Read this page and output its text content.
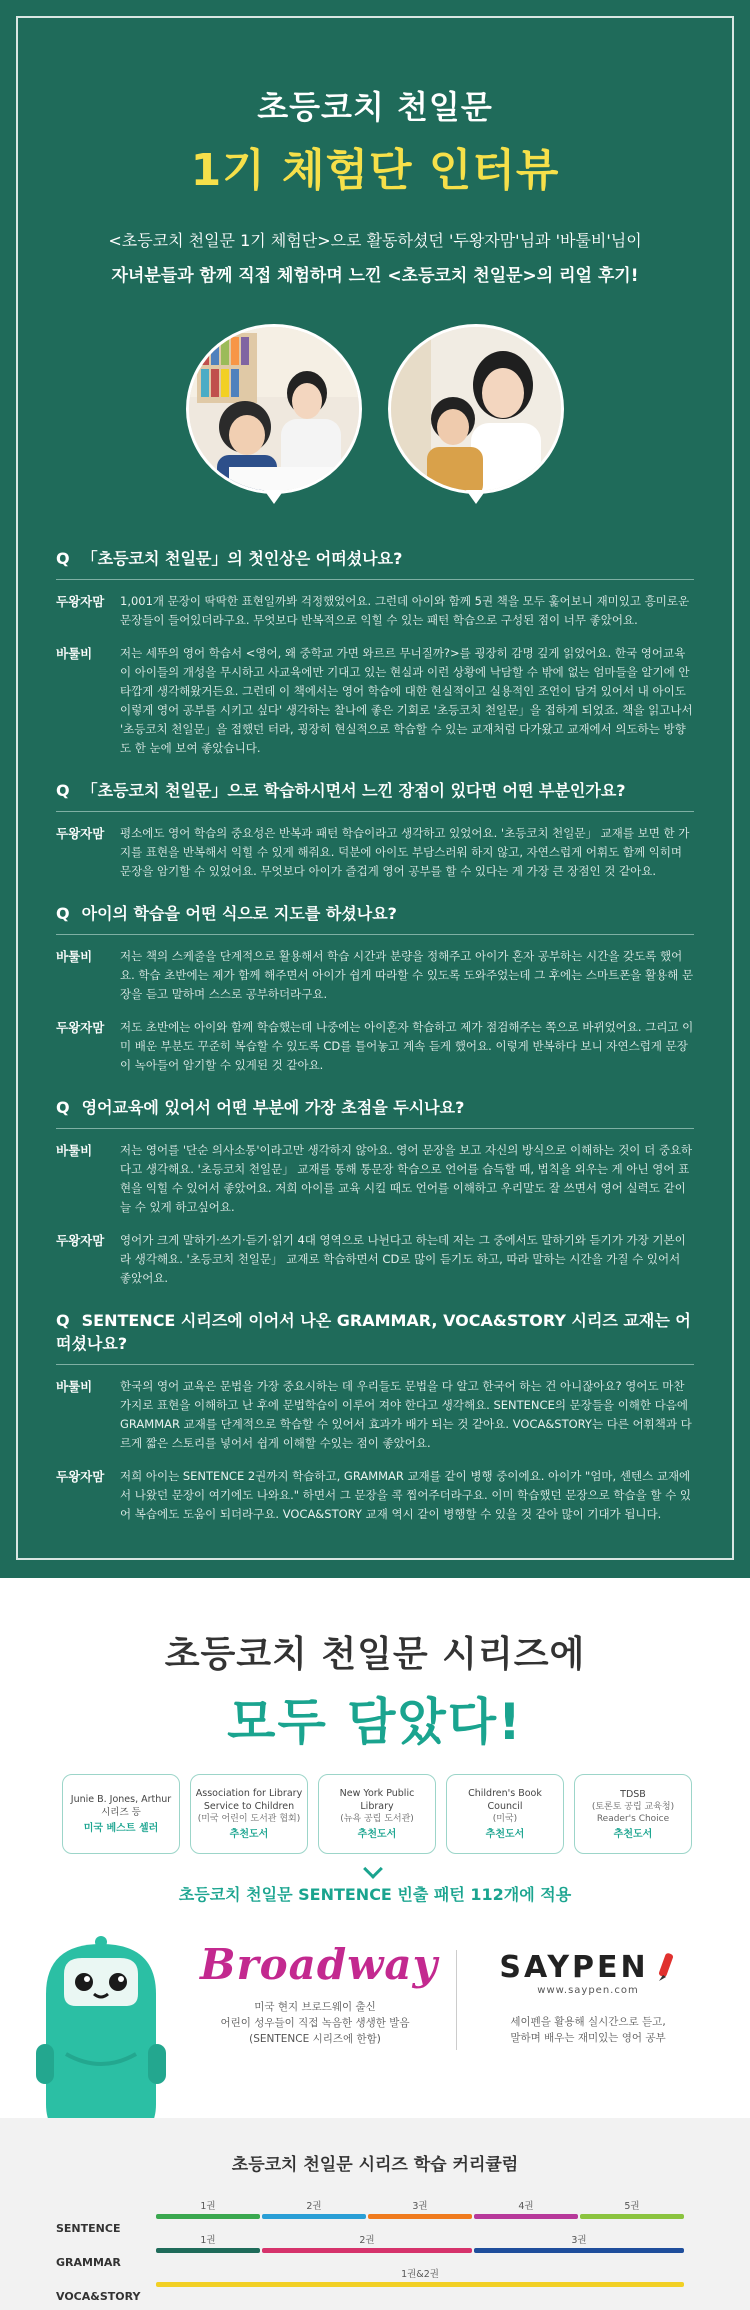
초등코치 천일문
1기 체험단 인터뷰
<초등코치 천일문 1기 체험단>으로 활동하셨던 '두왕자맘'님과 '바툴비'님이
자녀분들과 함께 직접 체험하며 느낀 <초등코치 천일문>의 리얼 후기!
Q 「초등코치 천일문」의 첫인상은 어떠셨나요?
두왕자맘	1,001개 문장이 딱딱한 표현일까봐 걱정했었어요. 그런데 아이와 함께 5권 책을 모두 훑어보니 재미있고 흥미로운 문장들이 들어있더라구요. 무엇보다 반복적으로 익힐 수 있는 패턴 학습으로 구성된 점이 너무 좋았어요.
바툴비	저는 세뚜의 영어 학습서 <영어, 왜 중학교 가면 와르르 무너질까?>를 굉장히 감명 깊게 읽었어요. 한국 영어교육이 아이들의 개성을 무시하고 사교육에만 기대고 있는 현실과 이런 상황에 낙담할 수 밖에 없는 엄마들을 알기에 안타깝게 생각해왔거든요. 그런데 이 책에서는 영어 학습에 대한 현실적이고 실용적인 조언이 담겨 있어서 내 아이도 이렇게 영어 공부를 시키고 싶다' 생각하는 찰나에 좋은 기회로 '초등코치 천일문」을 접하게 되었죠. 책을 읽고나서 '초등코치 천일문」을 접했던 터라, 굉장히 현실적으로 학습할 수 있는 교재처럼 다가왔고 교재에서 의도하는 방향도 한 눈에 보여 좋았습니다.
Q 「초등코치 천일문」으로 학습하시면서 느낀 장점이 있다면 어떤 부분인가요?
두왕자맘	평소에도 영어 학습의 중요성은 반복과 패턴 학습이라고 생각하고 있었어요. '초등코치 천일문」 교재를 보면 한 가지를 표현을 반복해서 익힐 수 있게 해줘요. 덕분에 아이도 부담스러워 하지 않고, 자연스럽게 어휘도 함께 익히며 문장을 암기할 수 있었어요. 무엇보다 아이가 즐겁게 영어 공부를 할 수 있다는 게 가장 큰 장점인 것 같아요.
Q 아이의 학습을 어떤 식으로 지도를 하셨나요?
바툴비	저는 책의 스케줄을 단계적으로 활용해서 학습 시간과 분량을 정해주고 아이가 혼자 공부하는 시간을 갖도록 했어요. 학습 초반에는 제가 함께 해주면서 아이가 쉽게 따라할 수 있도록 도와주었는데 그 후에는 스마트폰을 활용해 문장을 듣고 말하며 스스로 공부하더라구요.
두왕자맘	저도 초반에는 아이와 함께 학습했는데 나중에는 아이혼자 학습하고 제가 점검해주는 쪽으로 바뀌었어요. 그리고 이미 배운 부분도 꾸준히 복습할 수 있도록 CD를 틀어놓고 계속 듣게 했어요. 이렇게 반복하다 보니 자연스럽게 문장이 녹아들어 암기할 수 있게된 것 같아요.
Q 영어교육에 있어서 어떤 부분에 가장 초점을 두시나요?
바툴비	저는 영어를 '단순 의사소통'이라고만 생각하지 않아요. 영어 문장을 보고 자신의 방식으로 이해하는 것이 더 중요하다고 생각해요. '초등코치 천일문」 교재를 통해 통문장 학습으로 언어를 습득할 때, 법칙을 외우는 게 아닌 영어 표현을 익힐 수 있어서 좋았어요. 저희 아이를 교육 시킬 때도 언어를 이해하고 우리말도 잘 쓰면서 영어 실력도 같이 늘 수 있게 하고싶어요.
두왕자맘	영어가 크게 말하기·쓰기·듣기·읽기 4대 영역으로 나뉜다고 하는데 저는 그 중에서도 말하기와 듣기가 가장 기본이라 생각해요. '초등코치 천일문」 교재로 학습하면서 CD로 많이 듣기도 하고, 따라 말하는 시간을 가질 수 있어서 좋았어요.
Q SENTENCE 시리즈에 이어서 나온 GRAMMAR, VOCA&STORY 시리즈 교재는 어떠셨나요?
바툴비	한국의 영어 교육은 문법을 가장 중요시하는 데 우리들도 문법을 다 알고 한국어 하는 건 아니잖아요? 영어도 마찬가지로 표현을 이해하고 난 후에 문법학습이 이루어 져야 한다고 생각해요. SENTENCE의 문장들을 이해한 다음에 GRAMMAR 교재를 단계적으로 학습할 수 있어서 효과가 배가 되는 것 같아요. VOCA&STORY는 다른 어휘책과 다르게 짧은 스토리를 넣어서 쉽게 이해할 수있는 점이 좋았어요.
두왕자맘	저희 아이는 SENTENCE 2권까지 학습하고, GRAMMAR 교재를 같이 병행 중이에요. 아이가 "엄마, 센텐스 교재에서 나왔던 문장이 여기에도 나와요." 하면서 그 문장을 콕 찝어주더라구요. 이미 학습했던 문장으로 학습을 할 수 있어 복습에도 도움이 되더라구요. VOCA&STORY 교재 역시 같이 병행할 수 있을 것 같아 많이 기대가 됩니다.
초등코치 천일문 시리즈에
모두 담았다!
Junie B. Jones, Arthur 시리즈 등
미국 베스트 셀러
Association for Library Service to Children
(미국 어린이 도서관 협회)
추천도서
New York Public Library
(뉴욕 공립 도서관)
추천도서
Children's Book Council
(미국)
추천도서
TDSB
(토론토 공립 교육청) Reader's Choice
추천도서
초등코치 천일문 SENTENCE 빈출 패턴 112개에 적용
Broadway
미국 현지 브로드웨이 출신
어린이 성우들이 직접 녹음한 생생한 발음
(SENTENCE 시리즈에 한함)
SAYPEN
www.saypen.com
세이펜을 활용해 실시간으로 듣고,
말하며 배우는 재미있는 영어 공부
초등코치 천일문 시리즈 학습 커리큘럼
SENTENCE
GRAMMAR
VOCA&STORY
1권	2권	3권	4권	5권
1권	2권	3권
1권&2권
